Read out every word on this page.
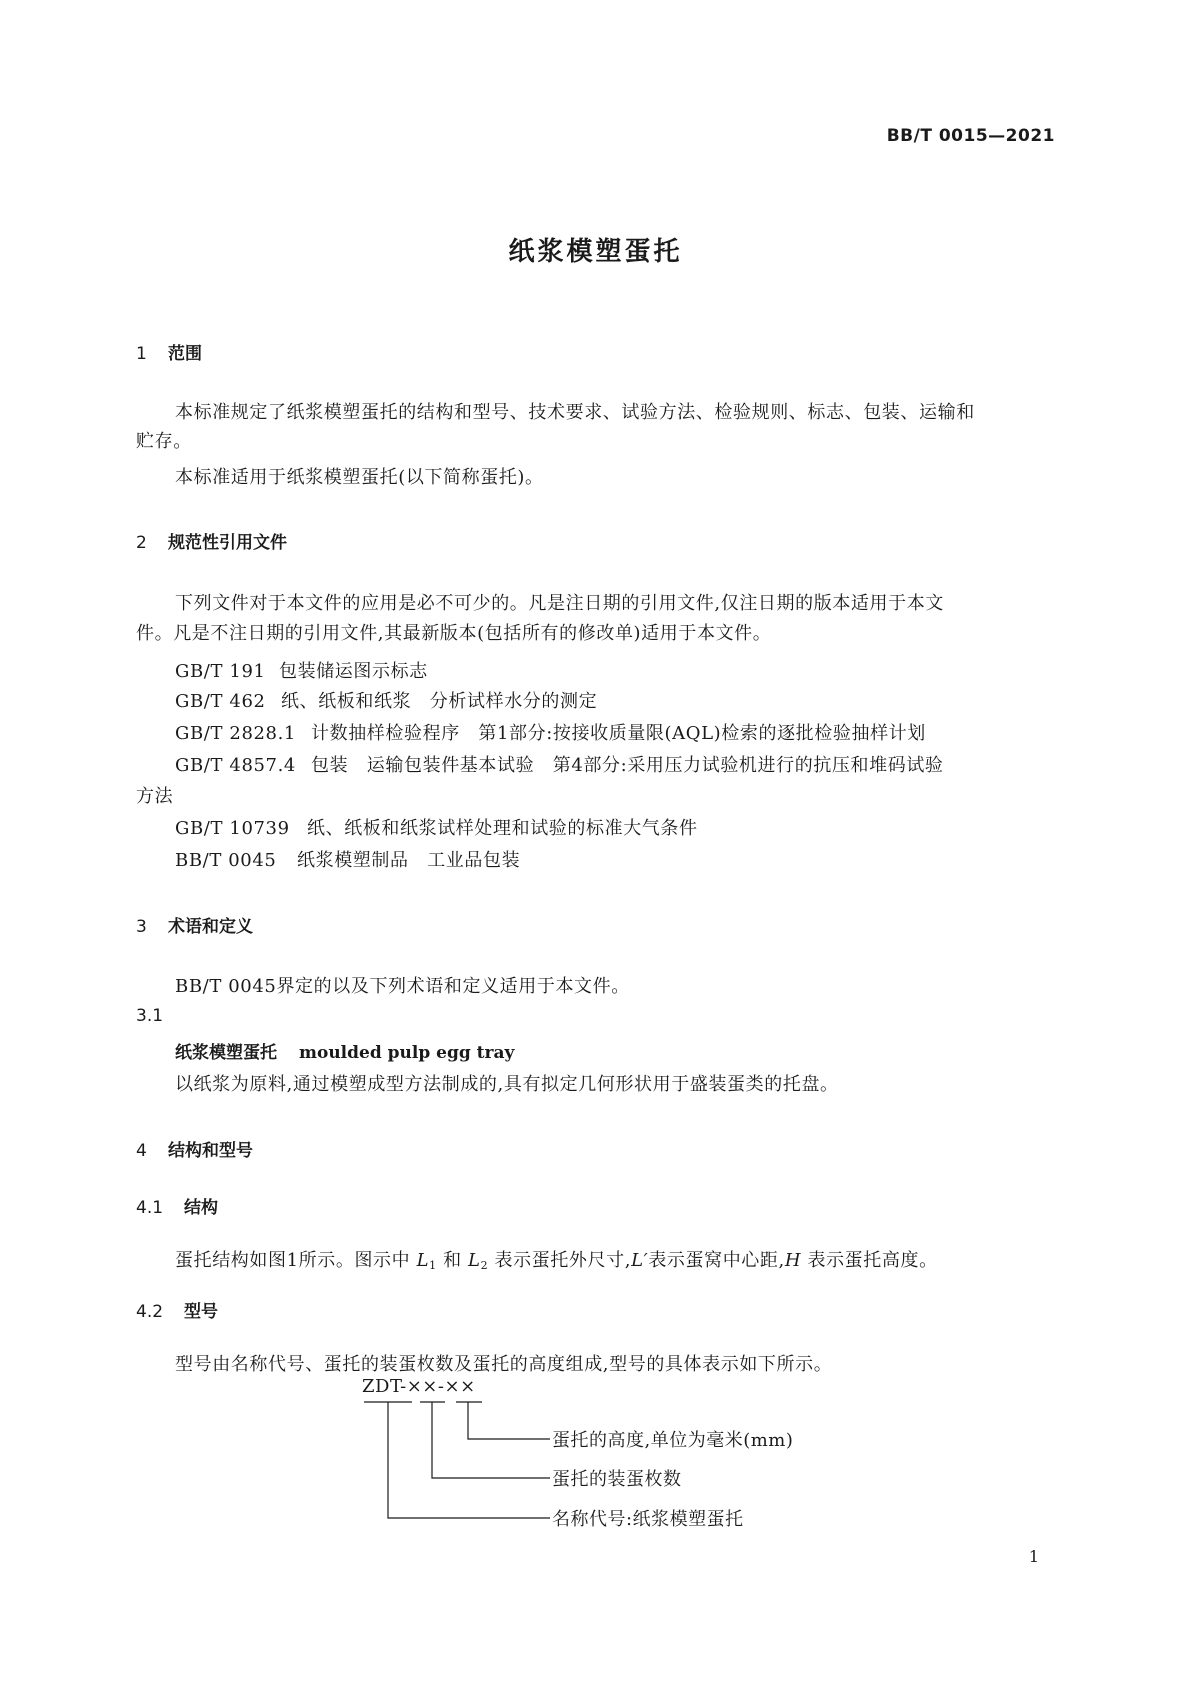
BB/T 0015—2021
纸浆模塑蛋托
1 范围
本标准规定了纸浆模塑蛋托的结构和型号、技术要求、试验方法、检验规则、标志、包装、运输和
贮存。
本标准适用于纸浆模塑蛋托(以下简称蛋托)。
2 规范性引用文件
下列文件对于本文件的应用是必不可少的。凡是注日期的引用文件,仅注日期的版本适用于本文
件。凡是不注日期的引用文件,其最新版本(包括所有的修改单)适用于本文件。
GB/T 191 包装储运图示标志
GB/T 462 纸、纸板和纸浆　分析试样水分的测定
GB/T 2828.1 计数抽样检验程序　第1部分:按接收质量限(AQL)检索的逐批检验抽样计划
GB/T 4857.4 包装　运输包装件基本试验　第4部分:采用压力试验机进行的抗压和堆码试验
方法
GB/T 10739 纸、纸板和纸浆试样处理和试验的标准大气条件
BB/T 0045 纸浆模塑制品　工业品包装
3 术语和定义
BB/T 0045界定的以及下列术语和定义适用于本文件。
3.1
纸浆模塑蛋托 moulded pulp egg tray
以纸浆为原料,通过模塑成型方法制成的,具有拟定几何形状用于盛装蛋类的托盘。
4 结构和型号
4.1 结构
蛋托结构如图1所示。图示中 $L_1$ 和 $L_2$ 表示蛋托外尺寸,L′表示蛋窝中心距,H 表示蛋托高度。
4.2 型号
型号由名称代号、蛋托的装蛋枚数及蛋托的高度组成,型号的具体表示如下所示。
ZDT-××-××
蛋托的高度,单位为毫米(mm)
蛋托的装蛋枚数
名称代号:纸浆模塑蛋托
1
